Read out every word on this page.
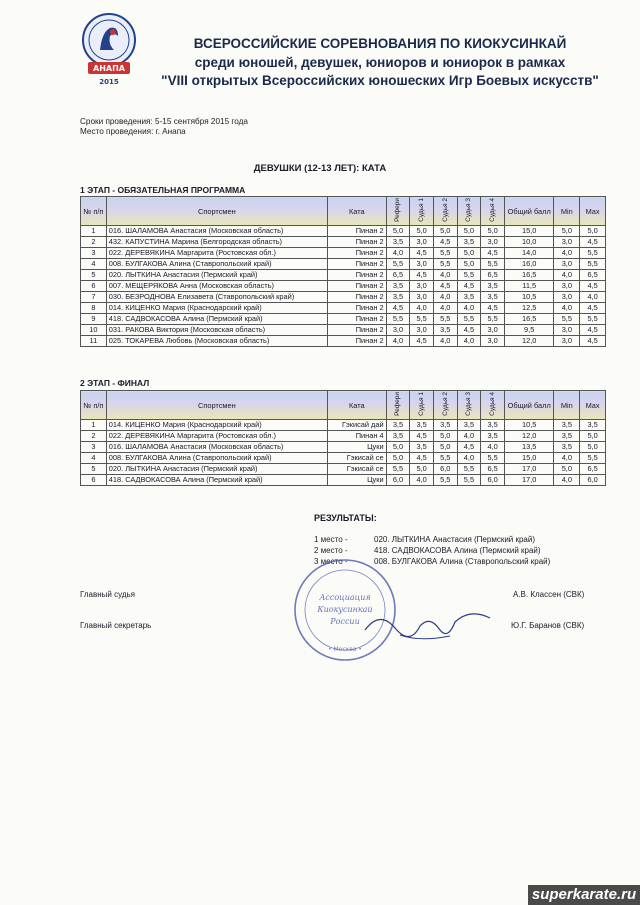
АНАПА
2015
ВСЕРОССИЙСКИЕ СОРЕВНОВАНИЯ ПО КИОКУСИНКАЙ
среди юношей, девушек, юниоров и юниорок в рамках
"VIII открытых Всероссийских юношеских Игр Боевых искусств"
Сроки проведения: 5-15 сентября 2015 года
Место проведения: г. Анапа
ДЕВУШКИ (12-13 ЛЕТ): КАТА
1 ЭТАП - ОБЯЗАТЕЛЬНАЯ ПРОГРАММА
№ п/п	Спортсмен	Ката	Рефери	Судья 1	Судья 2	Судья 3	Судья 4	Общий балл	Min	Max
1	016. ШАЛАМОВА Анастасия (Московская область)	Пинан 2	5,0	5,0	5,0	5,0	5,0	15,0	5,0	5,0
2	432. КАПУСТИНА Марина (Белгородская область)	Пинан 2	3,5	3,0	4,5	3,5	3,0	10,0	3,0	4,5
3	022. ДЕРЕВЯКИНА Маргарита (Ростовская обл.)	Пинан 2	4,0	4,5	5,5	5,0	4,5	14,0	4,0	5,5
4	008. БУЛГАКОВА Алина (Ставропольский край)	Пинан 2	5,5	3,0	5,5	5,0	5,5	16,0	3,0	5,5
5	020. ЛЫТКИНА Анастасия (Пермский край)	Пинан 2	6,5	4,5	4,0	5,5	6,5	16,5	4,0	6,5
6	007. МЕЩЕРЯКОВА Анна (Московская область)	Пинан 2	3,5	3,0	4,5	4,5	3,5	11,5	3,0	4,5
7	030. БЕЗРОДНОВА Елизавета (Ставропольский край)	Пинан 2	3,5	3,0	4,0	3,5	3,5	10,5	3,0	4,0
8	014. КИЦЕНКО Мария (Краснодарский край)	Пинан 2	4,5	4,0	4,0	4,0	4,5	12,5	4,0	4,5
9	418. САДВОКАСОВА Алина (Пермский край)	Пинан 2	5,5	5,5	5,5	5,5	5,5	16,5	5,5	5,5
10	031. РАКОВА Виктория (Московская область)	Пинан 2	3,0	3,0	3,5	4,5	3,0	9,5	3,0	4,5
11	025. ТОКАРЕВА Любовь (Московская область)	Пинан 2	4,0	4,5	4,0	4,0	3,0	12,0	3,0	4,5
2 ЭТАП - ФИНАЛ
№ п/п	Спортсмен	Ката	Рефери	Судья 1	Судья 2	Судья 3	Судья 4	Общий балл	Min	Max
1	014. КИЦЕНКО Мария (Краснодарский край)	Гэкисай дай	3,5	3,5	3,5	3,5	3,5	10,5	3,5	3,5
2	022. ДЕРЕВЯКИНА Маргарита (Ростовская обл.)	Пинан 4	3,5	4,5	5,0	4,0	3,5	12,0	3,5	5,0
3	016. ШАЛАМОВА Анастасия (Московская область)	Цуки	5,0	3,5	5,0	4,5	4,0	13,5	3,5	5,0
4	008. БУЛГАКОВА Алина (Ставропольский край)	Гэкисай се	5,0	4,5	5,5	4,0	5,5	15,0	4,0	5,5
5	020. ЛЫТКИНА Анастасия (Пермский край)	Гэкисай се	5,5	5,0	6,0	5,5	6,5	17,0	5,0	6,5
6	418. САДВОКАСОВА Алина (Пермский край)	Цуки	6,0	4,0	5,5	5,5	6,0	17,0	4,0	6,0
РЕЗУЛЬТАТЫ:
1 место -	020. ЛЫТКИНА Анастасия (Пермский край)
2 место -	418. САДВОКАСОВА Алина (Пермский край)
3 место -	008. БУЛГАКОВА Алина (Ставропольский край)
Ассоциация
Киокусинкай
России
• Москва •
Главный судья	А.В. Классен (СВК)
Главный секретарь	Ю.Г. Баранов (СВК)
superkarate.ru
